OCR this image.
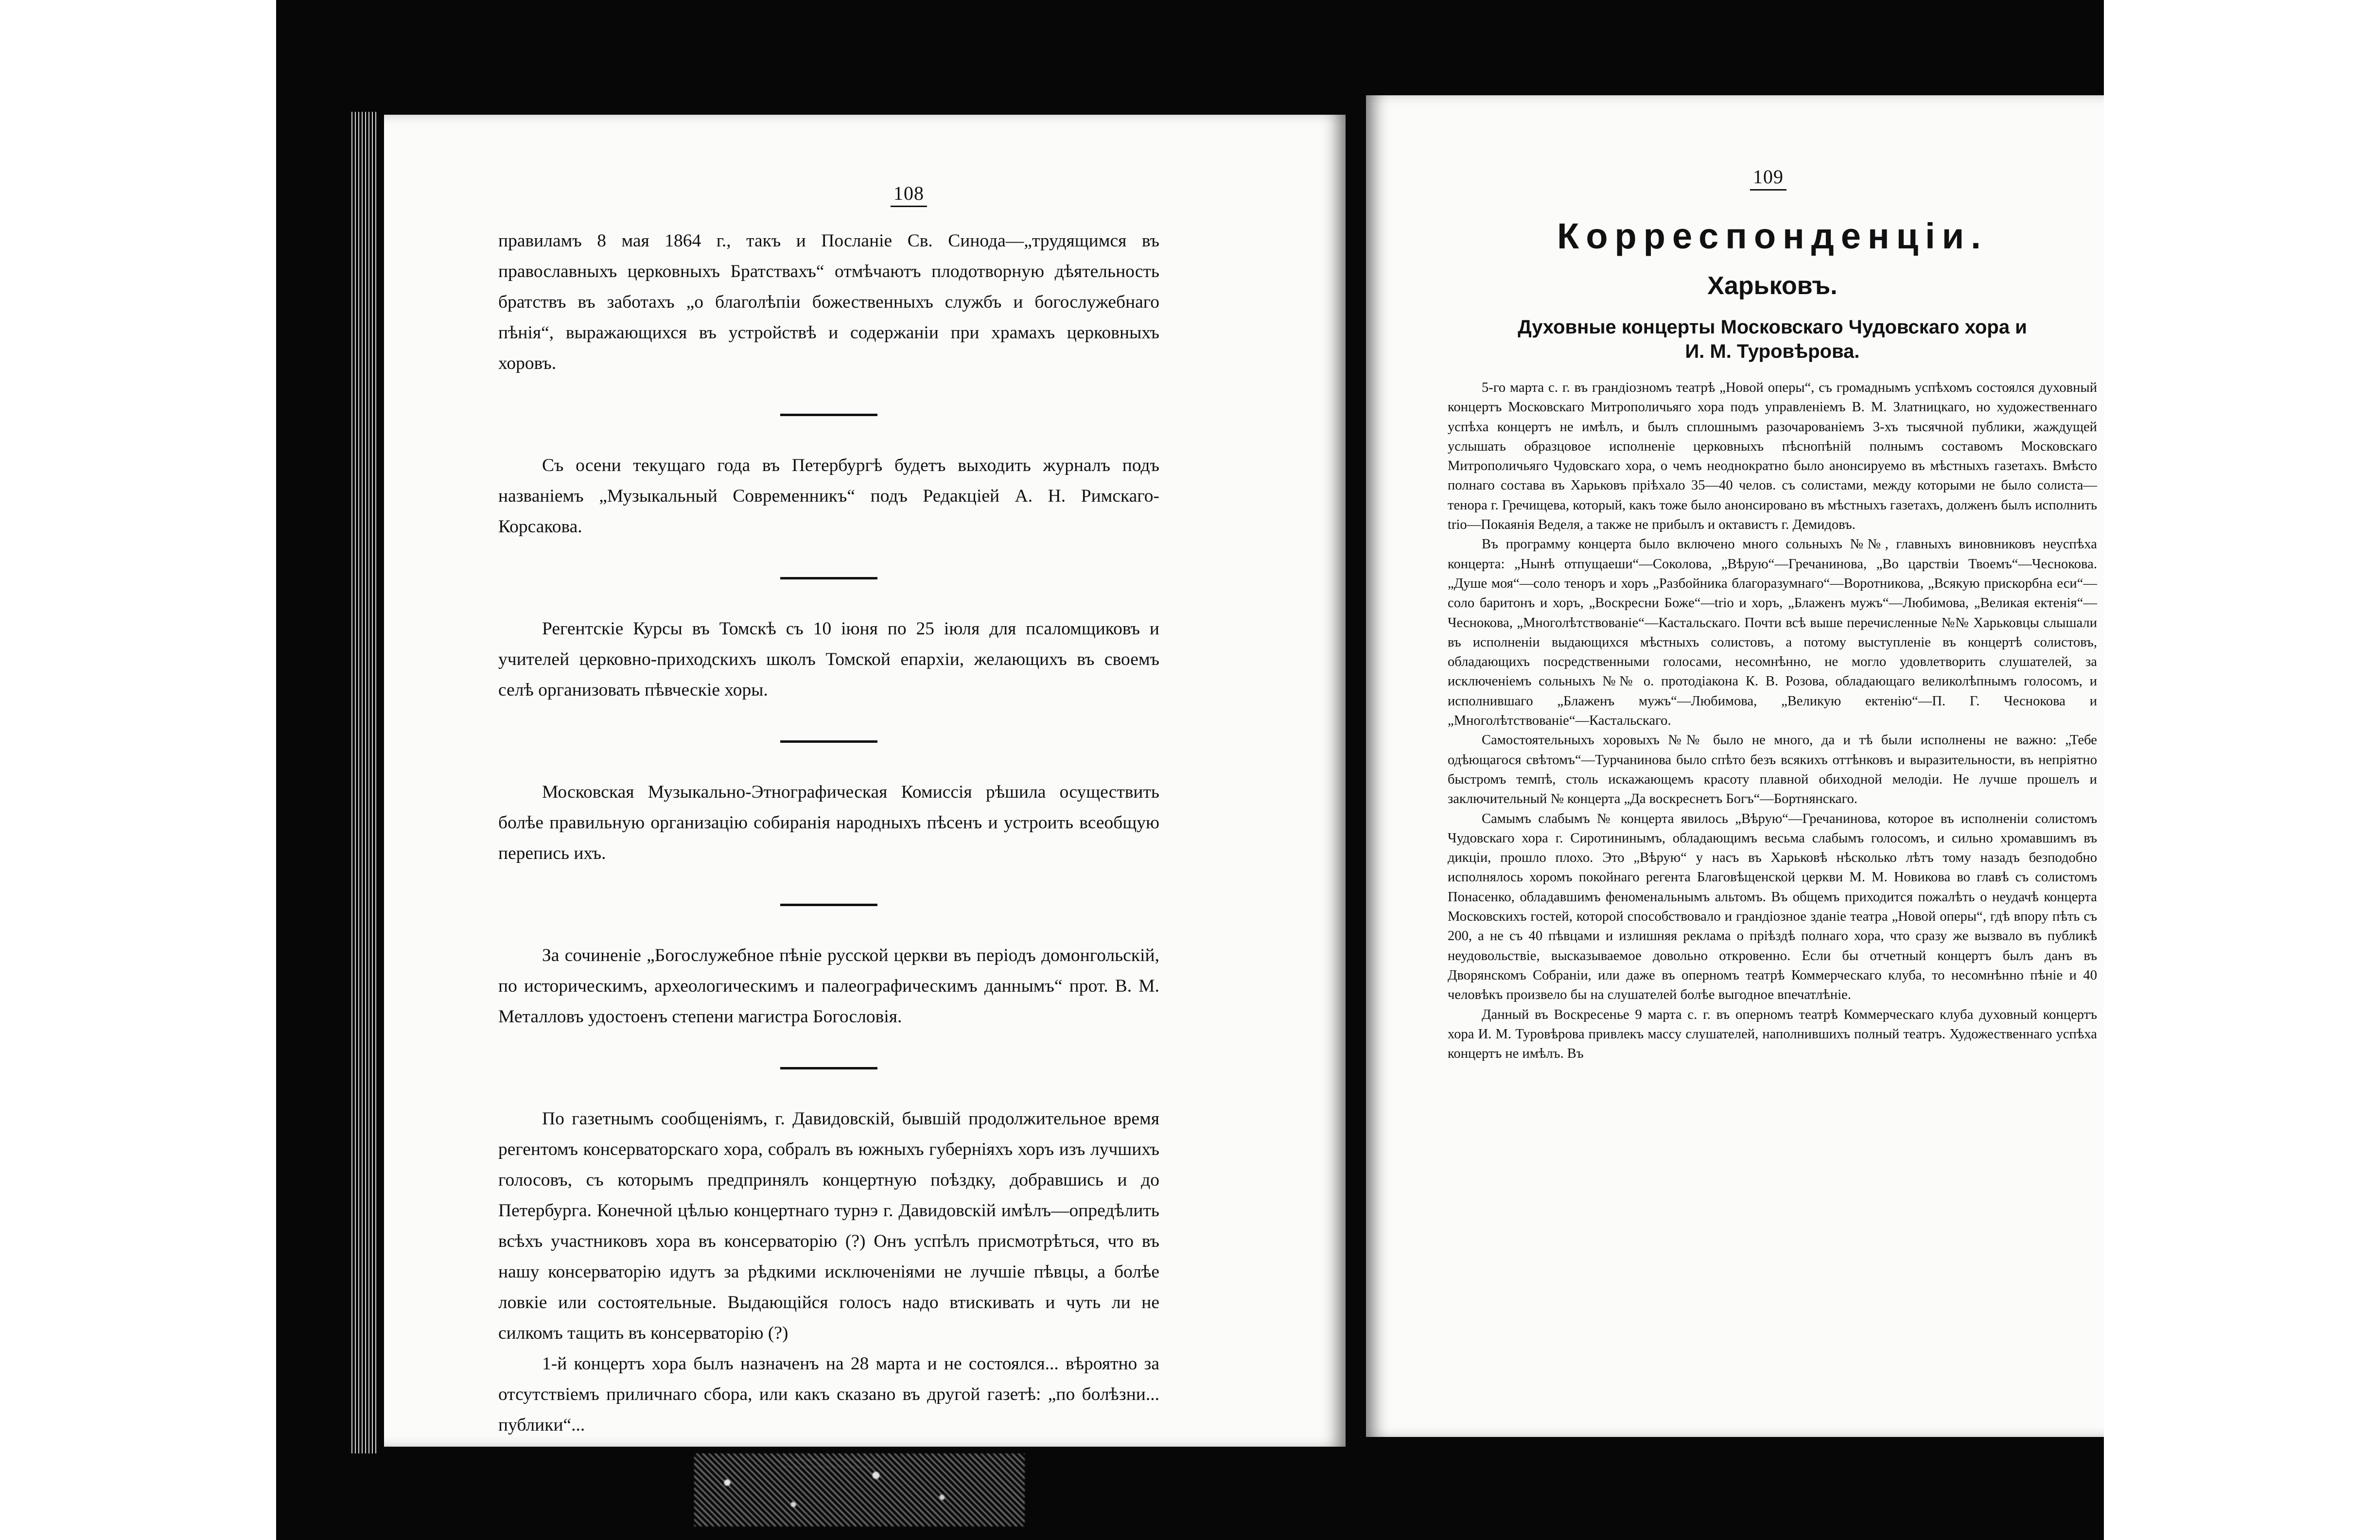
108

правиламъ 8 мая 1864 г., такъ и Посланiе Св. Синода—„трудящимся въ православныхъ церковныхъ Братствахъ“ отмѣчаютъ плодотворную дѣятельность братствъ въ заботахъ „о благолѣпiи божественныхъ службъ и богослужебнаго пѣнiя“, выражающихся въ устройствѣ и содержанiи при храмахъ церковныхъ хоровъ.

Съ осени текущаго года въ Петербургѣ будетъ выходить журналъ подъ названiемъ „Музыкальный Современникъ“ подъ Редакцiей А. Н. Римскаго-Корсакова.

Регентскiе Курсы въ Томскѣ съ 10 iюня по 25 iюля для псаломщиковъ и учителей церковно-приходскихъ школъ Томской епархiи, желающихъ въ своемъ селѣ организовать пѣвческiе хоры.

Московская Музыкально-Этнографическая Комиссiя рѣшила осуществить болѣе правильную организацiю собиранiя народныхъ пѣсенъ и устроить всеобщую перепись ихъ.

За сочиненiе „Богослужебное пѣнiе русской церкви въ перiодъ домонгольскiй, по историческимъ, археологическимъ и палеографическимъ даннымъ“ прот. В. М. Металловъ удостоенъ степени магистра Богословiя.

По газетнымъ сообщенiямъ, г. Давидовскiй, бывшiй продолжительное время регентомъ консерваторскаго хора, собралъ въ южныхъ губернiяхъ хоръ изъ лучшихъ голосовъ, съ которымъ предпринялъ концертную поѣздку, добравшись и до Петербурга. Конечной цѣлью концертнаго турнэ г. Давидовскiй имѣлъ—опредѣлить всѣхъ участниковъ хора въ консерваторiю (?) Онъ успѣлъ присмотрѣться, что въ нашу консерваторiю идутъ за рѣдкими исключенiями не лучшiе пѣвцы, а болѣе ловкiе или состоятельные. Выдающiйся голосъ надо втискивать и чуть ли не силкомъ тащить въ консерваторiю (?)

1-й концертъ хора былъ назначенъ на 28 марта и не состоялся... вѣроятно за отсутствiемъ приличнаго сбора, или какъ сказано въ другой газетѣ: „по болѣзни... публики“...

109
Корреспонденцiи.
Харьковъ.
Духовные концерты Московскаго Чудовскаго хора и
И. М. Туровѣрова.

5-го марта с. г. въ грандiозномъ театрѣ „Новой оперы“, съ громаднымъ успѣхомъ состоялся духовный концертъ Московскаго Митрополичьяго хора подъ управленiемъ В. М. Златницкаго, но художественнаго успѣха концертъ не имѣлъ, и былъ сплошнымъ разочарованiемъ 3-хъ тысячной публики, жаждущей услышать образцовое исполненiе церковныхъ пѣснопѣнiй полнымъ составомъ Московскаго Митрополичьяго Чудовскаго хора, о чемъ неоднократно было анонсируемо въ мѣстныхъ газетахъ. Вмѣсто полнаго состава въ Харьковъ прiѣхало 35—40 челов. съ солистами, между которыми не было солиста—тенора г. Гречищева, который, какъ тоже было анонсировано въ мѣстныхъ газетахъ, долженъ былъ исполнить trio—Покаянiя Веделя, а также не прибылъ и октавистъ г. Демидовъ.

Въ программу концерта было включено много сольныхъ №№, главныхъ виновниковъ неуспѣха концерта: „Нынѣ отпущаеши“—Соколова, „Вѣрую“—Гречанинова, „Во царствiи Твоемъ“—Чеснокова. „Душе моя“—соло теноръ и хоръ „Разбойника благоразумнаго“—Воротникова, „Всякую прискорбна еси“—соло баритонъ и хоръ, „Воскресни Боже“—trio и хоръ, „Блаженъ мужъ“—Любимова, „Великая ектенiя“—Чеснокова, „Многолѣтствованiе“—Кастальскаго. Почти всѣ выше перечисленные №№ Харьковцы слышали въ исполненiи выдающихся мѣстныхъ солистовъ, а потому выступленiе въ концертѣ солистовъ, обладающихъ посредственными голосами, несомнѣнно, не могло удовлетворить слушателей, за исключенiемъ сольныхъ №№ о. протодiакона К. В. Розова, обладающаго великолѣпнымъ голосомъ, и исполнившаго „Блаженъ мужъ“—Любимова, „Великую ектенiю“—П. Г. Чеснокова и „Многолѣтствованiе“—Кастальскаго.

Самостоятельныхъ хоровыхъ №№ было не много, да и тѣ были исполнены не важно: „Тебе одѣющагося свѣтомъ“—Турчанинова было спѣто безъ всякихъ оттѣнковъ и выразительности, въ непрiятно быстромъ темпѣ, столь искажающемъ красоту плавной обиходной мелодiи. Не лучше прошелъ и заключительный № концерта „Да воскреснетъ Богъ“—Бортнянскаго.

Самымъ слабымъ № концерта явилось „Вѣрую“—Гречанинова, которое въ исполненiи солистомъ Чудовскаго хора г. Сиротининымъ, обладающимъ весьма слабымъ голосомъ, и сильно хромавшимъ въ дикцiи, прошло плохо. Это „Вѣрую“ у насъ въ Харьковѣ нѣсколько лѣтъ тому назадъ безподобно исполнялось хоромъ покойнаго регента Благовѣщенской церкви М. М. Новикова во главѣ съ солистомъ Понасенко, обладавшимъ феноменальнымъ альтомъ. Въ общемъ приходится пожалѣть о неудачѣ концерта Московскихъ гостей, которой способствовало и грандiозное зданiе театра „Новой оперы“, гдѣ впору пѣть съ 200, а не съ 40 пѣвцами и излишняя реклама о прiѣздѣ полнаго хора, что сразу же вызвало въ публикѣ неудовольствiе, высказываемое довольно откровенно. Если бы отчетный концертъ былъ данъ въ Дворянскомъ Собранiи, или даже въ оперномъ театрѣ Коммерческаго клуба, то несомнѣнно пѣнiе и 40 человѣкъ произвело бы на слушателей болѣе выгодное впечатлѣнiе.

Данный въ Воскресенье 9 марта с. г. въ оперномъ театрѣ Коммерческаго клуба духовный концертъ хора И. М. Туровѣрова привлекъ массу слушателей, наполнившихъ полный театръ. Художественнаго успѣха концертъ не имѣлъ. Въ
